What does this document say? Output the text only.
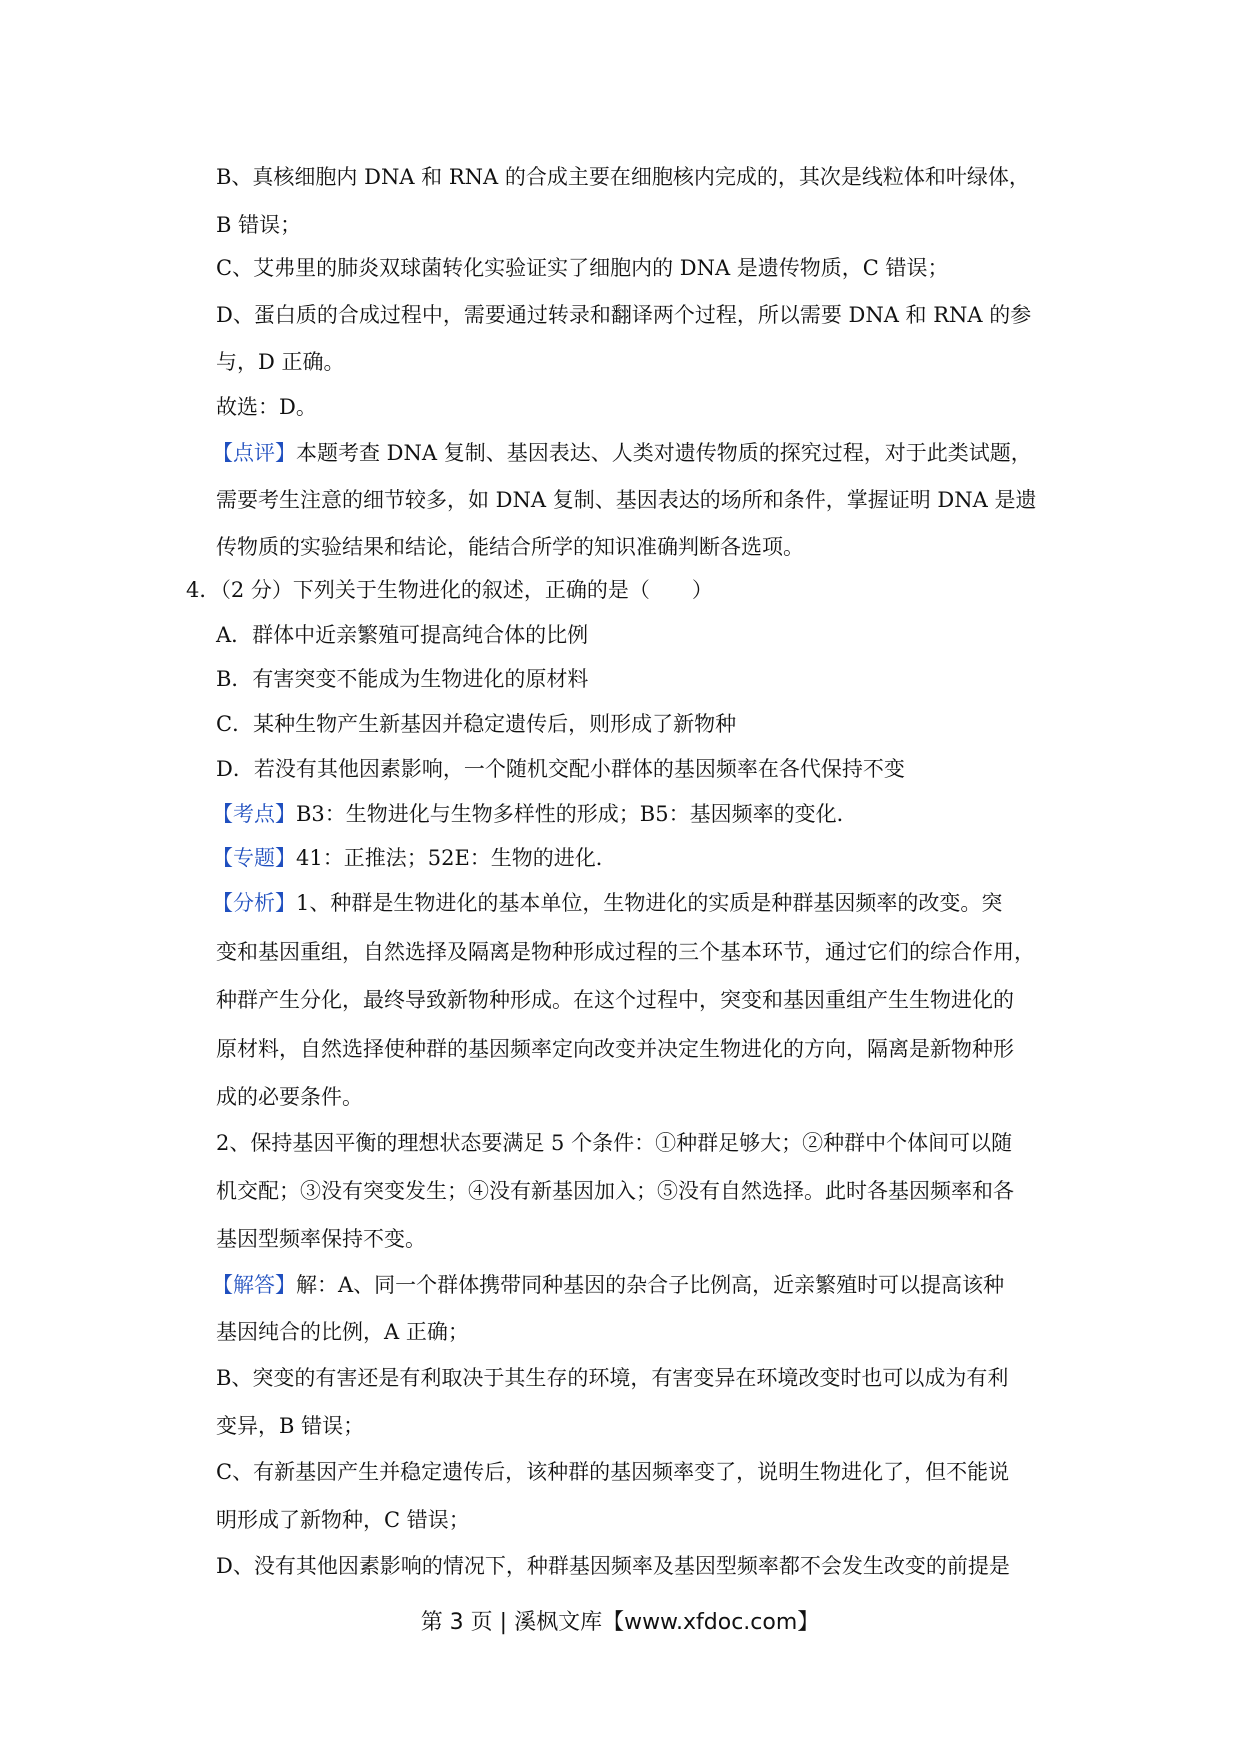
B、真核细胞内 DNA 和 RNA 的合成主要在细胞核内完成的，其次是线粒体和叶绿体，
B 错误；
C、艾弗里的肺炎双球菌转化实验证实了细胞内的 DNA 是遗传物质，C 错误；
D、蛋白质的合成过程中，需要通过转录和翻译两个过程，所以需要 DNA 和 RNA 的参
与，D 正确。
故选：D。
【点评】本题考查 DNA 复制、基因表达、人类对遗传物质的探究过程，对于此类试题，
需要考生注意的细节较多，如 DNA 复制、基因表达的场所和条件，掌握证明 DNA 是遗
传物质的实验结果和结论，能结合所学的知识准确判断各选项。
4．（2 分）下列关于生物进化的叙述，正确的是（　　）
A．群体中近亲繁殖可提高纯合体的比例
B．有害突变不能成为生物进化的原材料
C．某种生物产生新基因并稳定遗传后，则形成了新物种
D．若没有其他因素影响，一个随机交配小群体的基因频率在各代保持不变
【考点】B3：生物进化与生物多样性的形成；B5：基因频率的变化．
【专题】41：正推法；52E：生物的进化．
【分析】1、种群是生物进化的基本单位，生物进化的实质是种群基因频率的改变。突
变和基因重组，自然选择及隔离是物种形成过程的三个基本环节，通过它们的综合作用，
种群产生分化，最终导致新物种形成。在这个过程中，突变和基因重组产生生物进化的
原材料，自然选择使种群的基因频率定向改变并决定生物进化的方向，隔离是新物种形
成的必要条件。
2、保持基因平衡的理想状态要满足 5 个条件：①种群足够大；②种群中个体间可以随
机交配；③没有突变发生；④没有新基因加入；⑤没有自然选择。此时各基因频率和各
基因型频率保持不变。
【解答】解：A、同一个群体携带同种基因的杂合子比例高，近亲繁殖时可以提高该种
基因纯合的比例，A 正确；
B、突变的有害还是有利取决于其生存的环境，有害变异在环境改变时也可以成为有利
变异，B 错误；
C、有新基因产生并稳定遗传后，该种群的基因频率变了，说明生物进化了，但不能说
明形成了新物种，C 错误；
D、没有其他因素影响的情况下，种群基因频率及基因型频率都不会发生改变的前提是
第 3 页 | 溪枫文库【www.xfdoc.com】
